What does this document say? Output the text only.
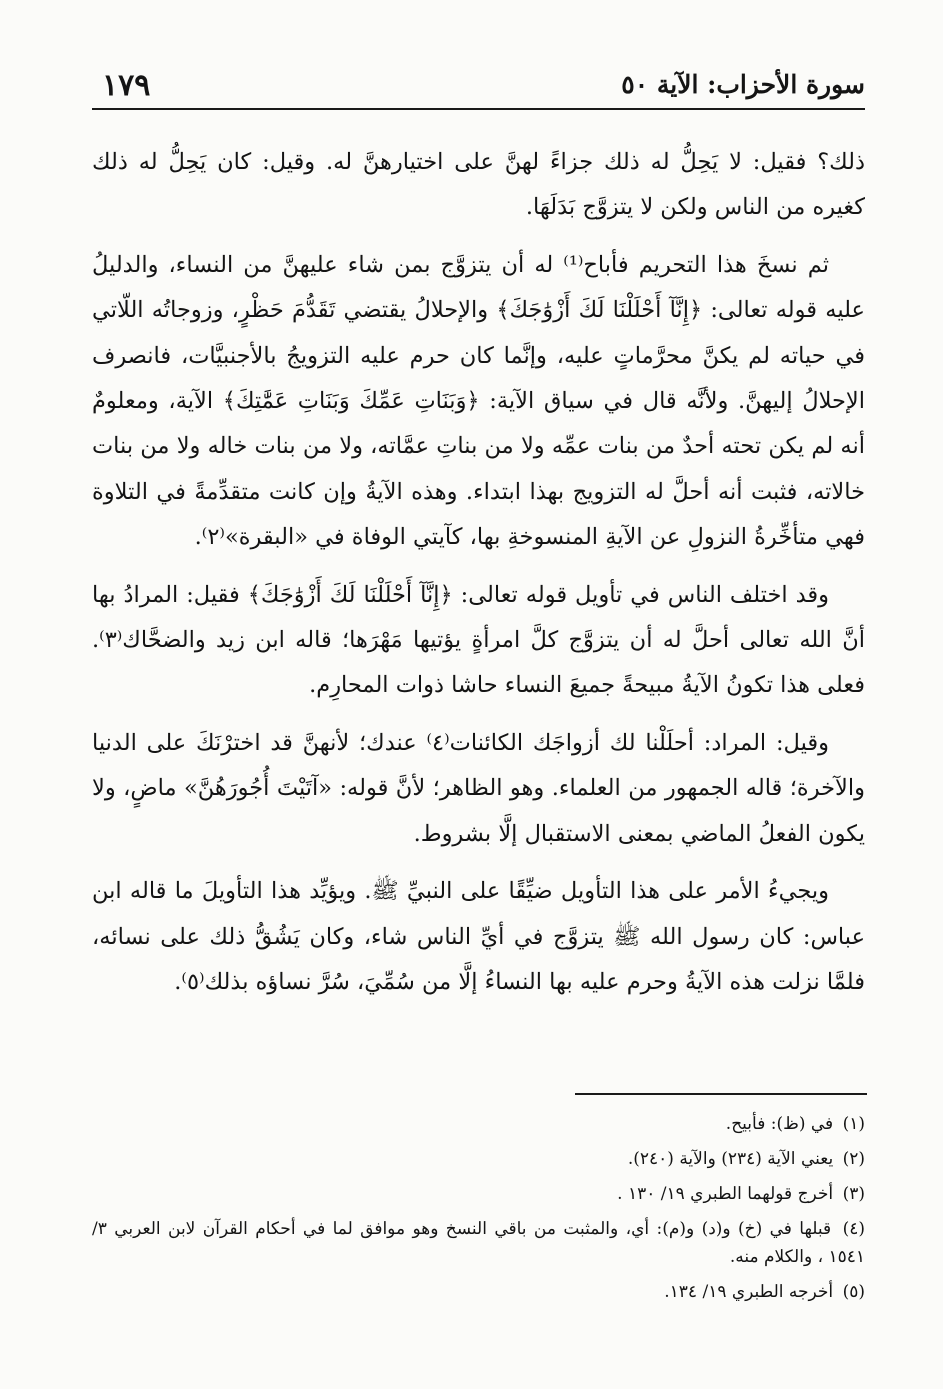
سورة الأحزاب: الآية ٥٠
١٧٩

ذلك؟ فقيل: لا يَحِلُّ له ذلك جزاءً لهنَّ على اختيارهنَّ له. وقيل: كان يَحِلُّ له ذلك كغيره من الناس ولكن لا يتزوَّج بَدَلَهَا.

ثم نسخَ هذا التحريم فأباح⁽¹⁾ له أن يتزوَّج بمن شاء عليهنَّ من النساء، والدليلُ عليه قوله تعالى: ﴿إِنَّآ أَحْلَلْنَا لَكَ أَزْوَٰجَكَ﴾ والإحلالُ يقتضي تَقَدُّمَ حَظْرٍ، وزوجاتُه اللّاتي في حياته لم يكنَّ محرَّماتٍ عليه، وإنَّما كان حرم عليه التزويجُ بالأجنبيَّات، فانصرف الإحلالُ إليهنَّ. ولأنَّه قال في سياق الآية: ﴿وَبَنَاتِ عَمِّكَ وَبَنَاتِ عَمَّٰتِكَ﴾ الآية، ومعلومٌ أنه لم يكن تحته أحدٌ من بنات عمِّه ولا من بناتِ عمَّاته، ولا من بنات خاله ولا من بنات خالاته، فثبت أنه أحلَّ له التزويج بهذا ابتداء. وهذه الآيةُ وإن كانت متقدِّمةً في التلاوة فهي متأخِّرةُ النزولِ عن الآيةِ المنسوخةِ بها، كآيتي الوفاة في «البقرة»⁽٢⁾.

وقد اختلف الناس في تأويل قوله تعالى: ﴿إِنَّآ أَحْلَلْنَا لَكَ أَزْوَٰجَكَ﴾ فقيل: المرادُ بها أنَّ الله تعالى أحلَّ له أن يتزوَّج كلَّ امرأةٍ يؤتيها مَهْرَها؛ قاله ابن زيد والضحَّاك⁽٣⁾. فعلى هذا تكونُ الآيةُ مبيحةً جميعَ النساء حاشا ذوات المحارِم.

وقيل: المراد: أحلَلْنا لك أزواجَك الكائنات⁽٤⁾ عندك؛ لأنهنَّ قد اخترْنَكَ على الدنيا والآخرة؛ قاله الجمهور من العلماء. وهو الظاهر؛ لأنَّ قوله: «آتَيْتَ أُجُورَهُنَّ» ماضٍ، ولا يكون الفعلُ الماضي بمعنى الاستقبال إلَّا بشروط.

ويجيءُ الأمر على هذا التأويل ضيِّقًا على النبيِّ ﷺ. ويؤيِّد هذا التأويلَ ما قاله ابن عباس: كان رسول الله ﷺ يتزوَّج في أيِّ الناس شاء، وكان يَشُقُّ ذلك على نسائه، فلمَّا نزلت هذه الآيةُ وحرم عليه بها النساءُ إلَّا من سُمِّيَ، سُرَّ نساؤه بذلك⁽٥⁾.

(١) في (ظ): فأبيح.
(٢) يعني الآية (٢٣٤) والآية (٢٤٠).
(٣) أخرج قولهما الطبري ١٩/ ١٣٠ .
(٤) قبلها في (خ) و(د) و(م): أي، والمثبت من باقي النسخ وهو موافق لما في أحكام القرآن لابن العربي ٣/ ١٥٤١ ، والكلام منه.
(٥) أخرجه الطبري ١٩/ ١٣٤.
